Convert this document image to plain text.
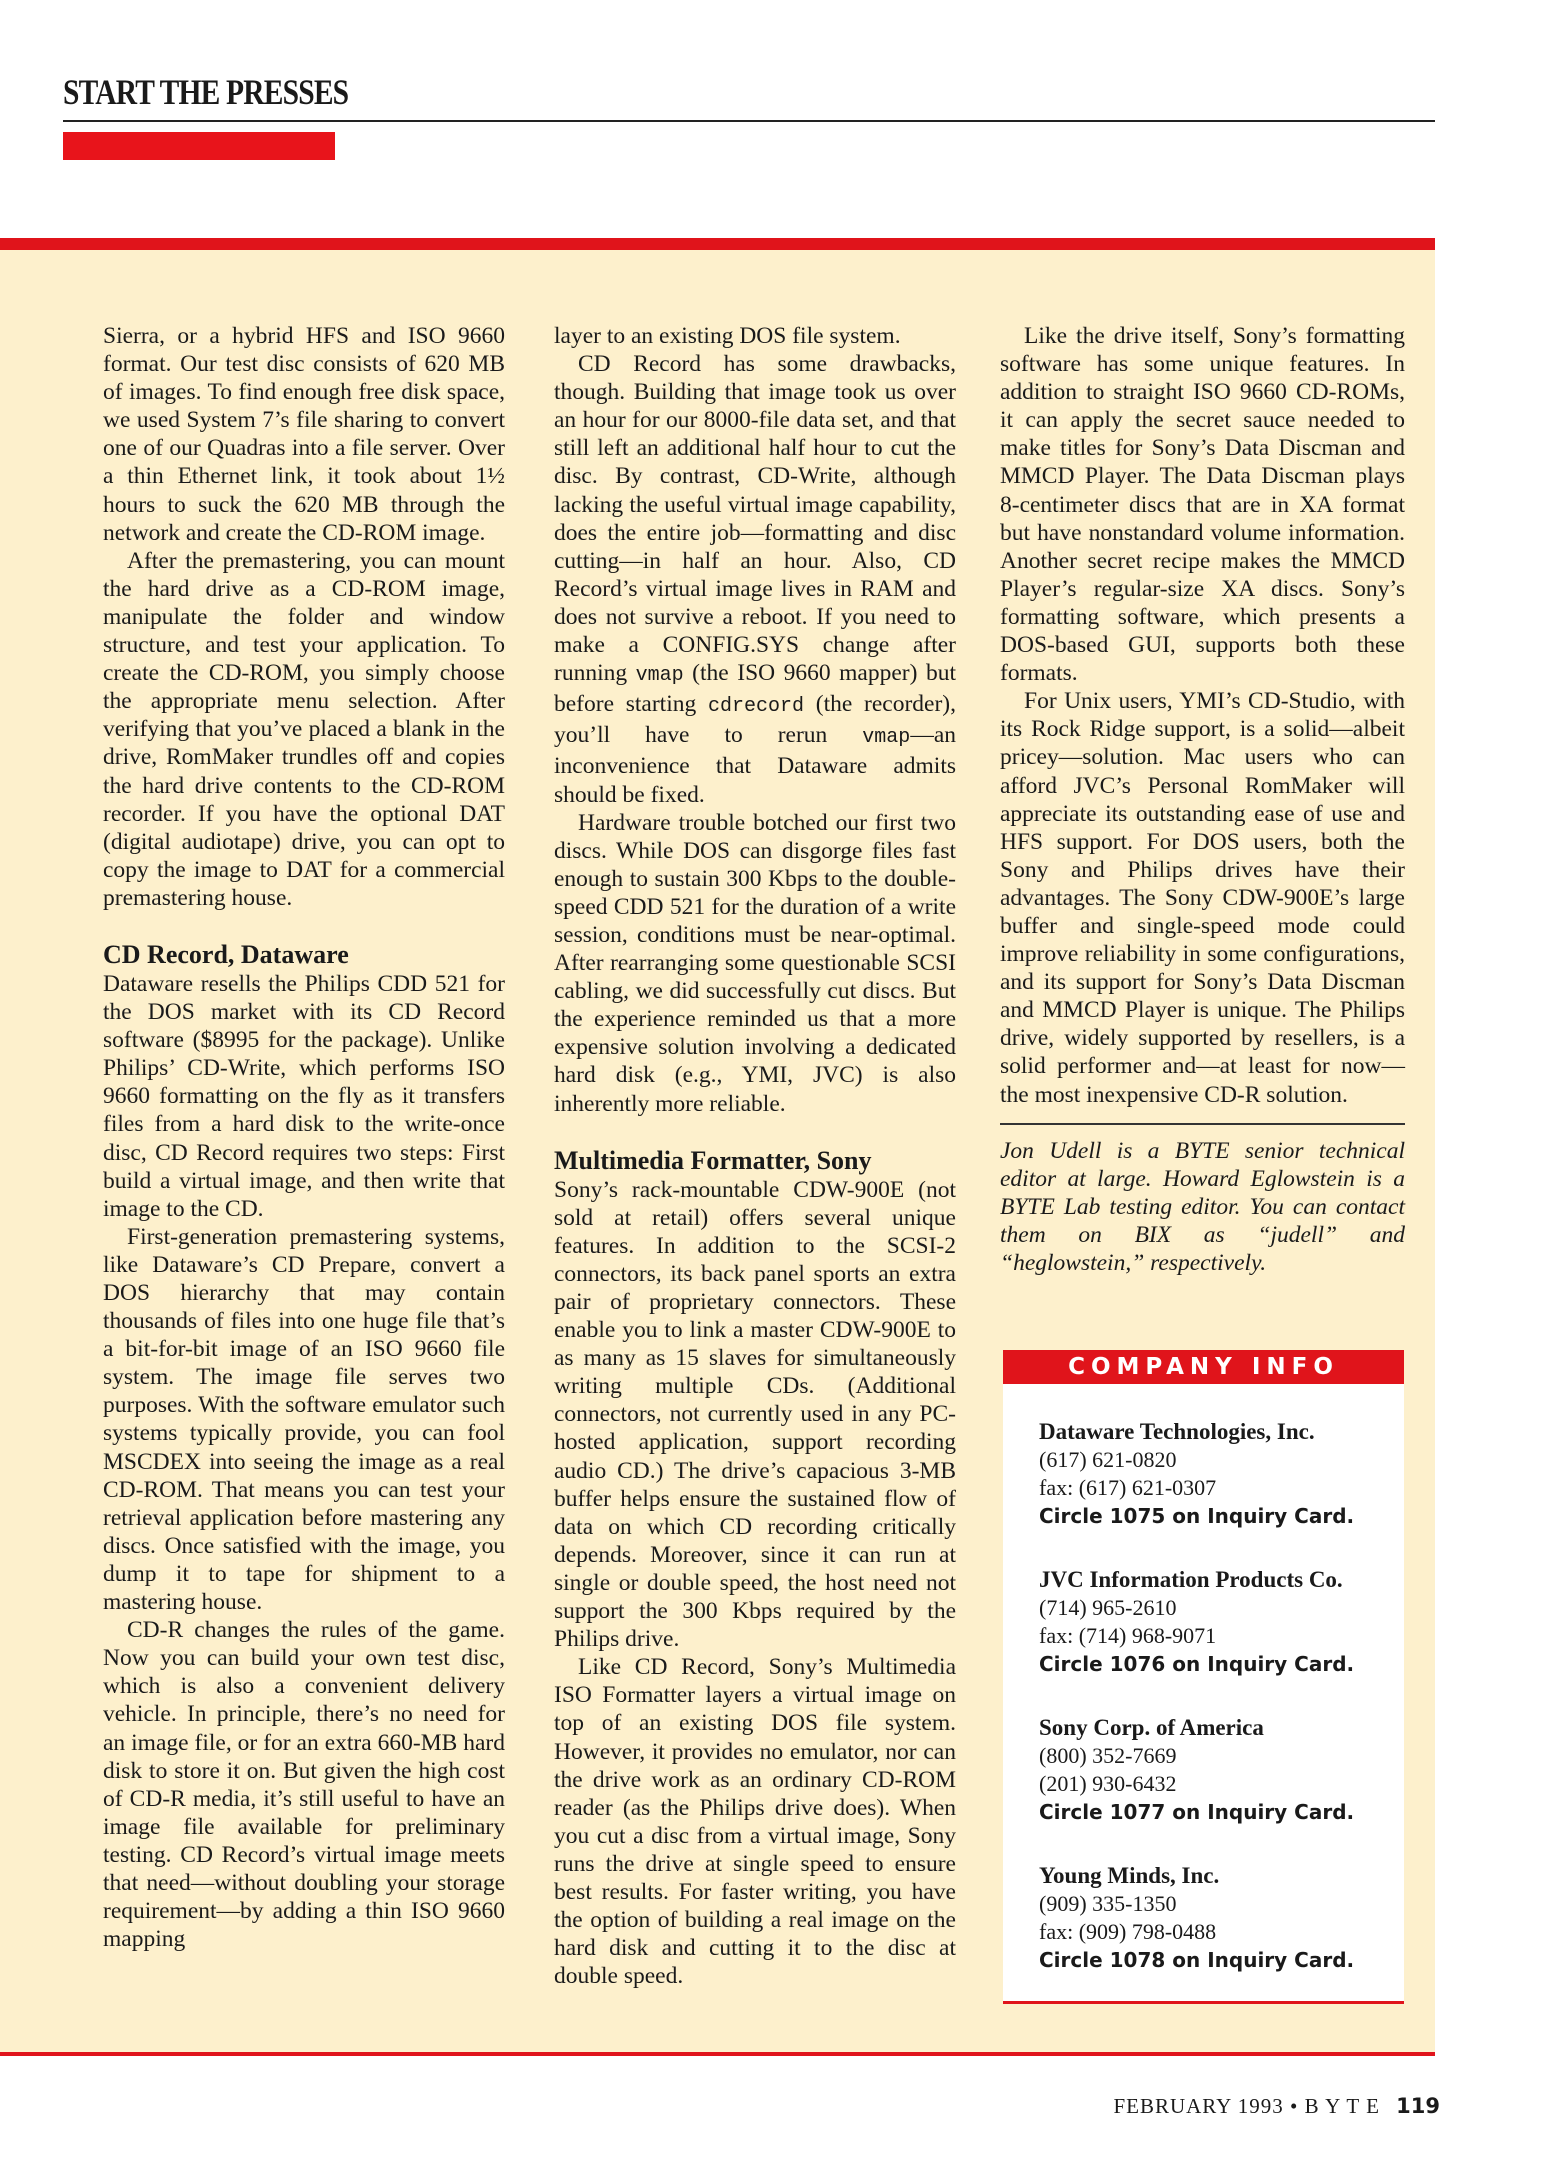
START THE PRESSES

Sierra, or a hybrid HFS and ISO 9660 format. Our test disc consists of 620 MB of images. To find enough free disk space, we used System 7’s file sharing to convert one of our Quadras into a file server. Over a thin Ethernet link, it took about 1½ hours to suck the 620 MB through the network and create the CD-ROM image.

After the premastering, you can mount the hard drive as a CD-ROM image, manipulate the folder and window structure, and test your application. To create the CD-ROM, you simply choose the appropriate menu selection. After verifying that you’ve placed a blank in the drive, RomMaker trundles off and copies the hard drive contents to the CD-ROM recorder. If you have the optional DAT (digital audiotape) drive, you can opt to copy the image to DAT for a commercial premastering house.

CD Record, Dataware

Dataware resells the Philips CDD 521 for the DOS market with its CD Record software ($8995 for the package). Unlike Philips’ CD-Write, which performs ISO 9660 formatting on the fly as it transfers files from a hard disk to the write-once disc, CD Record requires two steps: First build a virtual image, and then write that image to the CD.

First-generation premastering systems, like Dataware’s CD Prepare, convert a DOS hierarchy that may contain thousands of files into one huge file that’s a bit-for-bit image of an ISO 9660 file system. The image file serves two purposes. With the software emulator such systems typically provide, you can fool MSCDEX into seeing the image as a real CD-ROM. That means you can test your retrieval application before mastering any discs. Once satisfied with the image, you dump it to tape for shipment to a mastering house.

CD-R changes the rules of the game. Now you can build your own test disc, which is also a convenient delivery vehicle. In principle, there’s no need for an image file, or for an extra 660-MB hard disk to store it on. But given the high cost of CD-R media, it’s still useful to have an image file available for preliminary testing. CD Record’s virtual image meets that need—without doubling your storage requirement—by adding a thin ISO 9660 mapping

layer to an existing DOS file system.

CD Record has some drawbacks, though. Building that image took us over an hour for our 8000-file data set, and that still left an additional half hour to cut the disc. By contrast, CD-Write, although lacking the useful virtual image capability, does the entire job—formatting and disc cutting—in half an hour. Also, CD Record’s virtual image lives in RAM and does not survive a reboot. If you need to make a CONFIG.SYS change after running vmap (the ISO 9660 mapper) but before starting cdrecord (the recorder), you’ll have to rerun vmap—an inconvenience that Dataware admits should be fixed.

Hardware trouble botched our first two discs. While DOS can disgorge files fast enough to sustain 300 Kbps to the double-speed CDD 521 for the duration of a write session, conditions must be near-optimal. After rearranging some questionable SCSI cabling, we did successfully cut discs. But the experience reminded us that a more expensive solution involving a dedicated hard disk (e.g., YMI, JVC) is also inherently more reliable.

Multimedia Formatter, Sony

Sony’s rack-mountable CDW-900E (not sold at retail) offers several unique features. In addition to the SCSI-2 connectors, its back panel sports an extra pair of proprietary connectors. These enable you to link a master CDW-900E to as many as 15 slaves for simultaneously writing multiple CDs. (Additional connectors, not currently used in any PC-hosted application, support recording audio CD.) The drive’s capacious 3-MB buffer helps ensure the sustained flow of data on which CD recording critically depends. Moreover, since it can run at single or double speed, the host need not support the 300 Kbps required by the Philips drive.

Like CD Record, Sony’s Multimedia ISO Formatter layers a virtual image on top of an existing DOS file system. However, it provides no emulator, nor can the drive work as an ordinary CD-ROM reader (as the Philips drive does). When you cut a disc from a virtual image, Sony runs the drive at single speed to ensure best results. For faster writing, you have the option of building a real image on the hard disk and cutting it to the disc at double speed.

Like the drive itself, Sony’s formatting software has some unique features. In addition to straight ISO 9660 CD-ROMs, it can apply the secret sauce needed to make titles for Sony’s Data Discman and MMCD Player. The Data Discman plays 8-centimeter discs that are in XA format but have nonstandard volume information. Another secret recipe makes the MMCD Player’s regular-size XA discs. Sony’s formatting software, which presents a DOS-based GUI, supports both these formats.

For Unix users, YMI’s CD-Studio, with its Rock Ridge support, is a solid—albeit pricey—solution. Mac users who can afford JVC’s Personal RomMaker will appreciate its outstanding ease of use and HFS support. For DOS users, both the Sony and Philips drives have their advantages. The Sony CDW-900E’s large buffer and single-speed mode could improve reliability in some configurations, and its support for Sony’s Data Discman and MMCD Player is unique. The Philips drive, widely supported by resellers, is a solid performer and—at least for now—the most inexpensive CD-R solution.

Jon Udell is a BYTE senior technical editor at large. Howard Eglowstein is a BYTE Lab testing editor. You can contact them on BIX as “judell” and “heglowstein,” respectively.

COMPANY INFO
Dataware Technologies, Inc.
(617) 621-0820
fax: (617) 621-0307
Circle 1075 on Inquiry Card.
JVC Information Products Co.
(714) 965-2610
fax: (714) 968-9071
Circle 1076 on Inquiry Card.
Sony Corp. of America
(800) 352-7669
(201) 930-6432
Circle 1077 on Inquiry Card.
Young Minds, Inc.
(909) 335-1350
fax: (909) 798-0488
Circle 1078 on Inquiry Card.
FEBRUARY 1993 • B Y T E 119
